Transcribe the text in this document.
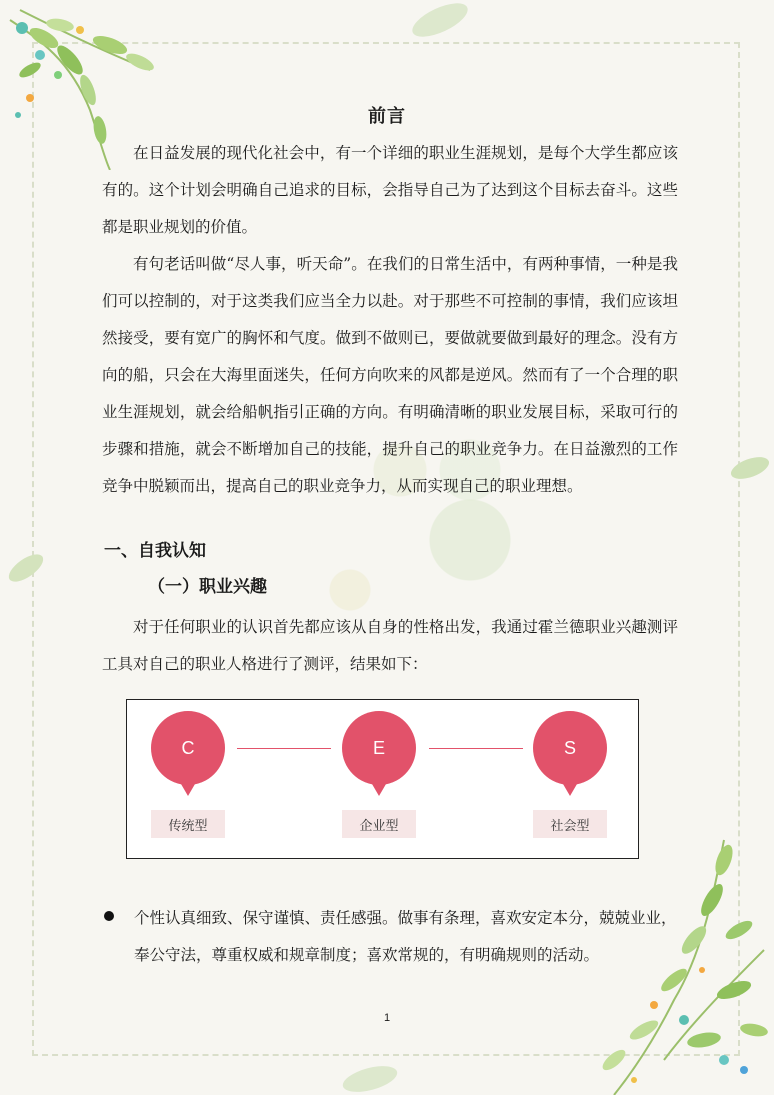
前言

在日益发展的现代化社会中，有一个详细的职业生涯规划，是每个大学生都应该有的。这个计划会明确自己追求的目标，会指导自己为了达到这个目标去奋斗。这些都是职业规划的价值。

有句老话叫做“尽人事，听天命”。在我们的日常生活中，有两种事情，一种是我们可以控制的，对于这类我们应当全力以赴。对于那些不可控制的事情，我们应该坦然接受，要有宽广的胸怀和气度。做到不做则已，要做就要做到最好的理念。没有方向的船，只会在大海里面迷失，任何方向吹来的风都是逆风。然而有了一个合理的职业生涯规划，就会给船帆指引正确的方向。有明确清晰的职业发展目标，采取可行的步骤和措施，就会不断增加自己的技能，提升自己的职业竞争力。在日益激烈的工作竞争中脱颖而出，提高自己的职业竞争力，从而实现自己的职业理想。

一、自我认知
（一）职业兴趣

对于任何职业的认识首先都应该从自身的性格出发，我通过霍兰德职业兴趣测评工具对自己的职业人格进行了测评，结果如下：

C	E	S
传统型	企业型	社会型

个性认真细致、保守谨慎、责任感强。做事有条理，喜欢安定本分，兢兢业业，奉公守法，尊重权威和规章制度；喜欢常规的，有明确规则的活动。

1
